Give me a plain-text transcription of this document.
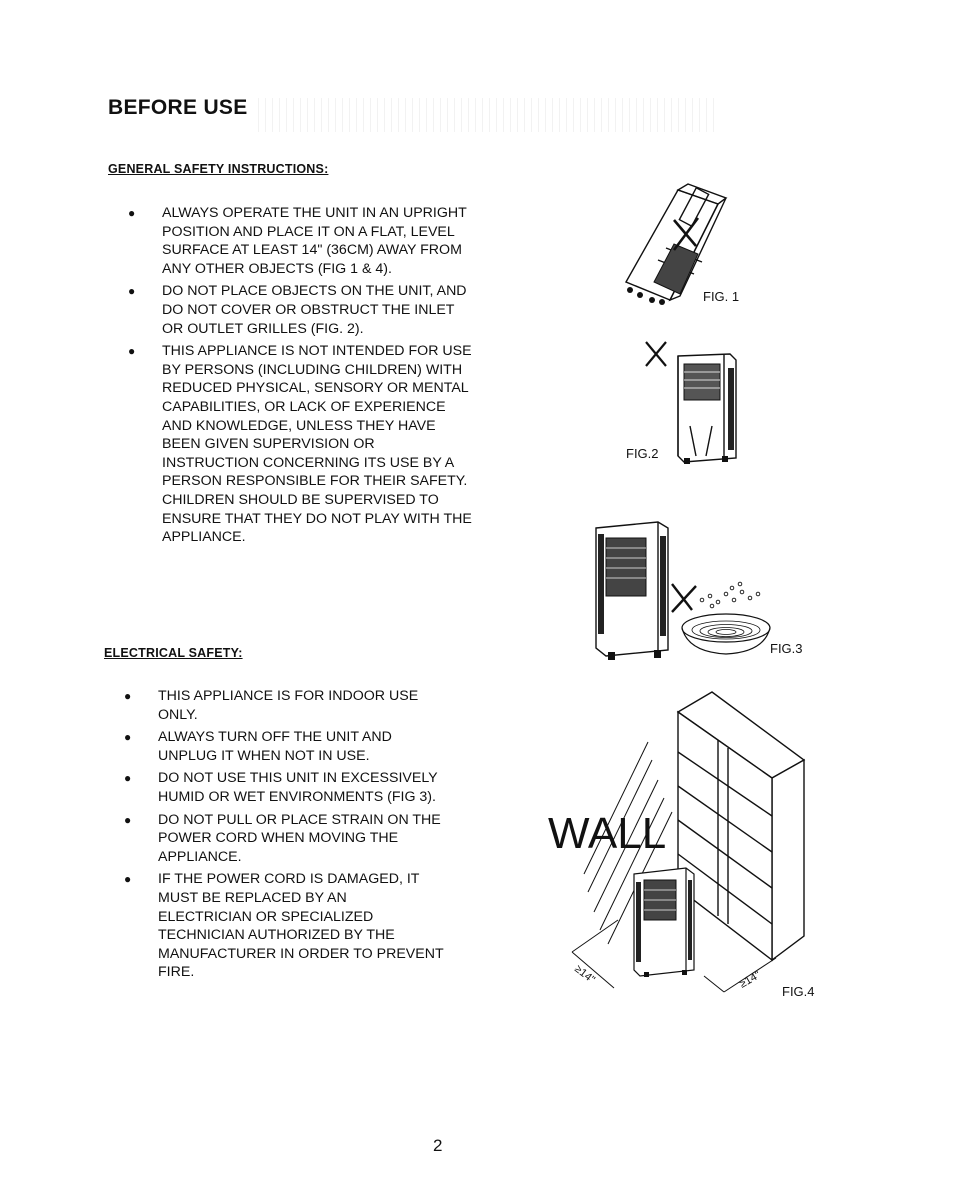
BEFORE USE
GENERAL SAFETY INSTRUCTIONS:
● ALWAYS OPERATE THE UNIT IN AN UPRIGHT POSITION AND PLACE IT ON A FLAT, LEVEL SURFACE AT LEAST 14" (36CM) AWAY FROM ANY OTHER OBJECTS (FIG 1 & 4).
● DO NOT PLACE OBJECTS ON THE UNIT, AND DO NOT COVER OR OBSTRUCT THE INLET OR OUTLET GRILLES (FIG. 2).
● THIS APPLIANCE IS NOT INTENDED FOR USE BY PERSONS (INCLUDING CHILDREN) WITH REDUCED PHYSICAL, SENSORY OR MENTAL CAPABILITIES, OR LACK OF EXPERIENCE AND KNOWLEDGE, UNLESS THEY HAVE BEEN GIVEN SUPERVISION OR INSTRUCTION CONCERNING ITS USE BY A PERSON RESPONSIBLE FOR THEIR SAFETY. CHILDREN SHOULD BE SUPERVISED TO ENSURE THAT THEY DO NOT PLAY WITH THE APPLIANCE.
ELECTRICAL SAFETY:
● THIS APPLIANCE IS FOR INDOOR USE ONLY.
● ALWAYS TURN OFF THE UNIT AND UNPLUG IT WHEN NOT IN USE.
● DO NOT USE THIS UNIT IN EXCESSIVELY HUMID OR WET ENVIRONMENTS (FIG 3).
● DO NOT PULL OR PLACE STRAIN ON THE POWER CORD WHEN MOVING THE APPLIANCE.
● IF THE POWER CORD IS DAMAGED, IT MUST BE REPLACED BY AN ELECTRICIAN OR SPECIALIZED TECHNICIAN AUTHORIZED BY THE MANUFACTURER IN ORDER TO PREVENT FIRE.
FIG. 1
FIG.2
FIG.3
WALL
≥14"	≥14"
FIG.4
2
